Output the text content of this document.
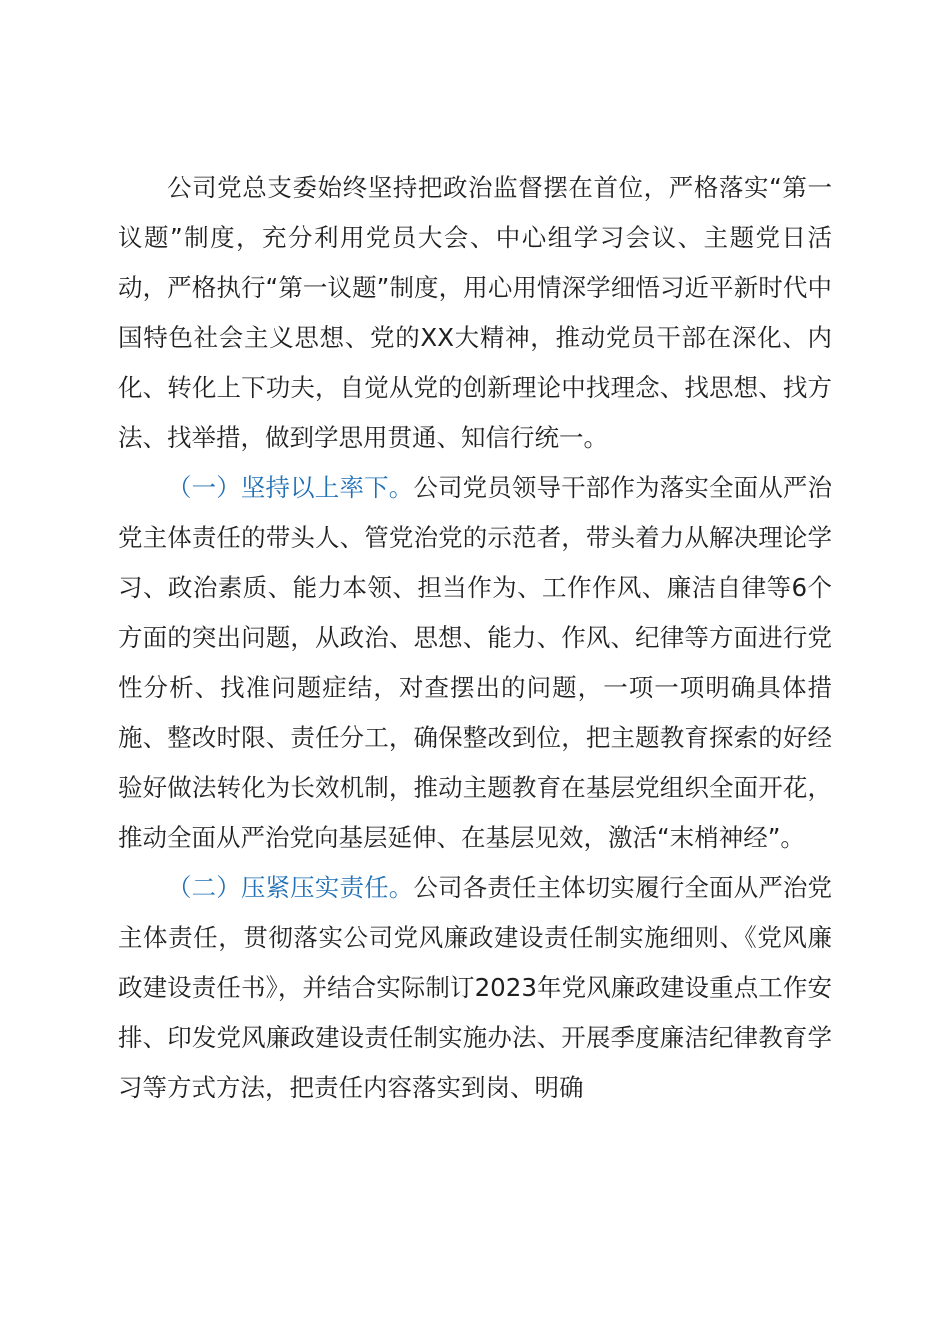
公司党总支委始终坚持把政治监督摆在首位，严格落实“第一议题”制度，充分利用党员大会、中心组学习会议、主题党日活动，严格执行“第一议题”制度，用心用情深学细悟习近平新时代中国特色社会主义思想、党的XX大精神，推动党员干部在深化、内化、转化上下功夫，自觉从党的创新理论中找理念、找思想、找方法、找举措，做到学思用贯通、知信行统一。

（一）坚持以上率下。公司党员领导干部作为落实全面从严治党主体责任的带头人、管党治党的示范者，带头着力从解决理论学习、政治素质、能力本领、担当作为、工作作风、廉洁自律等6个方面的突出问题，从政治、思想、能力、作风、纪律等方面进行党性分析、找准问题症结，对查摆出的问题，一项一项明确具体措施、整改时限、责任分工，确保整改到位，把主题教育探索的好经验好做法转化为长效机制，推动主题教育在基层党组织全面开花，推动全面从严治党向基层延伸、在基层见效，激活“末梢神经”。

（二）压紧压实责任。公司各责任主体切实履行全面从严治党主体责任，贯彻落实公司党风廉政建设责任制实施细则、《党风廉政建设责任书》，并结合实际制订2023年党风廉政建设重点工作安排、印发党风廉政建设责任制实施办法、开展季度廉洁纪律教育学习等方式方法，把责任内容落实到岗、明确
